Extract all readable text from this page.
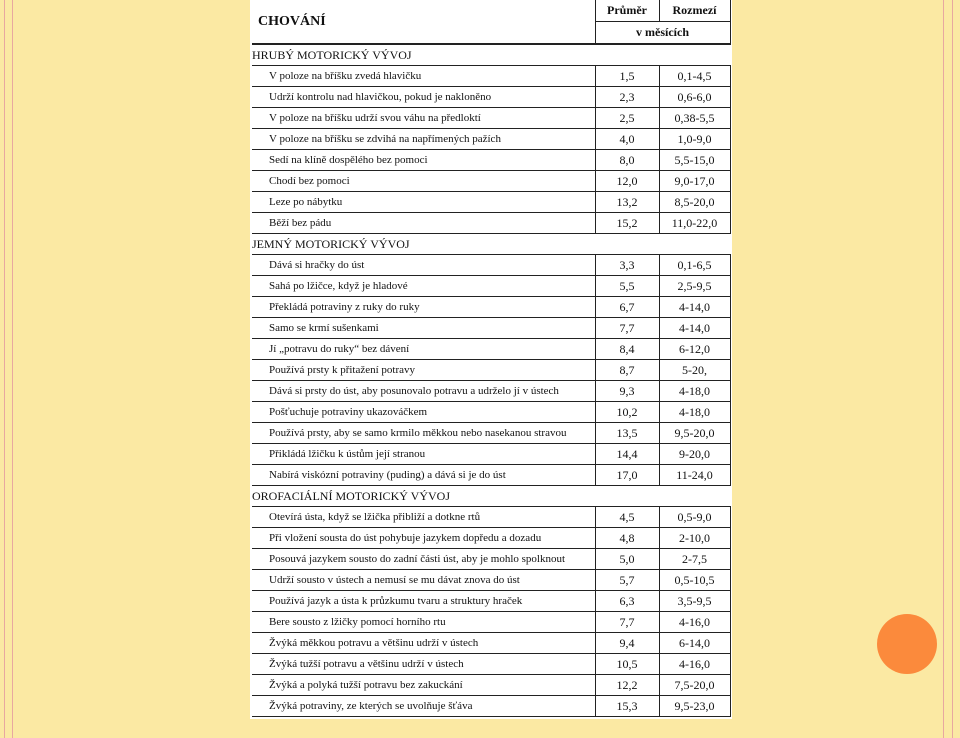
CHOVÁNÍ	Průměr	Rozmezí
	v měsících	
HRUBÝ MOTORICKÝ VÝVOJ		
V poloze na bříšku zvedá hlavičku	1,5	0,1-4,5
Udrží kontrolu nad hlavičkou, pokud je nakloněno	2,3	0,6-6,0
V poloze na bříšku udrží svou váhu na předloktí	2,5	0,38-5,5
V poloze na bříšku se zdvihá na napřímených pažích	4,0	1,0-9,0
Sedí na klíně dospělého bez pomoci	8,0	5,5-15,0
Chodí bez pomoci	12,0	9,0-17,0
Leze po nábytku	13,2	8,5-20,0
Běží bez pádu	15,2	11,0-22,0
JEMNÝ MOTORICKÝ VÝVOJ		
Dává si hračky do úst	3,3	0,1-6,5
Sahá po lžičce, když je hladové	5,5	2,5-9,5
Překládá potraviny z ruky do ruky	6,7	4-14,0
Samo se krmí sušenkami	7,7	4-14,0
Jí „potravu do ruky“ bez dávení	8,4	6-12,0
Používá prsty k přitažení potravy	8,7	5-20,
Dává si prsty do úst, aby posunovalo potravu a udrželo jí v ústech	9,3	4-18,0
Pošťuchuje potraviny ukazováčkem	10,2	4-18,0
Používá prsty, aby se samo krmilo měkkou nebo nasekanou stravou	13,5	9,5-20,0
Přikládá lžičku k ústům její stranou	14,4	9-20,0
Nabírá viskózní potraviny (puding) a dává si je do úst	17,0	11-24,0
OROFACIÁLNÍ MOTORICKÝ VÝVOJ		
Otevírá ústa, když se lžička přibliží a dotkne rtů	4,5	0,5-9,0
Při vložení sousta do úst pohybuje jazykem dopředu a dozadu	4,8	2-10,0
Posouvá jazykem sousto do zadní části úst, aby je mohlo spolknout	5,0	2-7,5
Udrží sousto v ústech a nemusí se mu dávat znova do úst	5,7	0,5-10,5
Používá jazyk a ústa k průzkumu tvaru a struktury hraček	6,3	3,5-9,5
Bere sousto z lžičky pomocí horního rtu	7,7	4-16,0
Žvýká měkkou potravu a většinu udrží v ústech	9,4	6-14,0
Žvýká tužší potravu a většinu udrží v ústech	10,5	4-16,0
Žvýká a polyká tužší potravu bez zakuckání	12,2	7,5-20,0
Žvýká potraviny, ze kterých se uvolňuje šťáva	15,3	9,5-23,0
